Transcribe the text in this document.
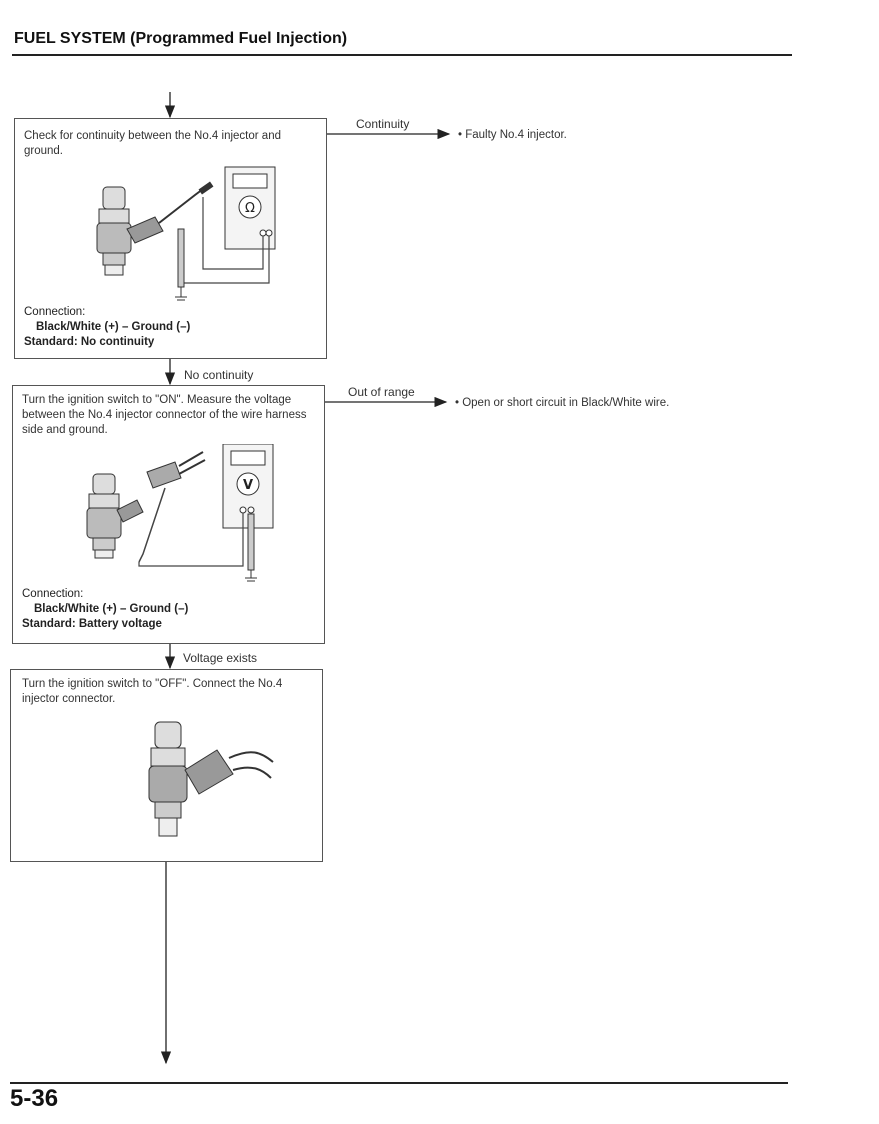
FUEL SYSTEM (Programmed Fuel Injection)
Check for continuity between the No.4 injector and ground.
Ω
Connection:
Black/White (+) – Ground (–)
Standard: No continuity
Continuity
• Faulty No.4 injector.
No continuity
Turn the ignition switch to "ON". Measure the voltage between the No.4 injector connector of the wire harness side and ground.
V
Connection:
Black/White (+) – Ground (–)
Standard: Battery voltage
Out of range
• Open or short circuit in Black/White wire.
Voltage exists
Turn the ignition switch to "OFF". Connect the No.4 injector connector.
5-36
